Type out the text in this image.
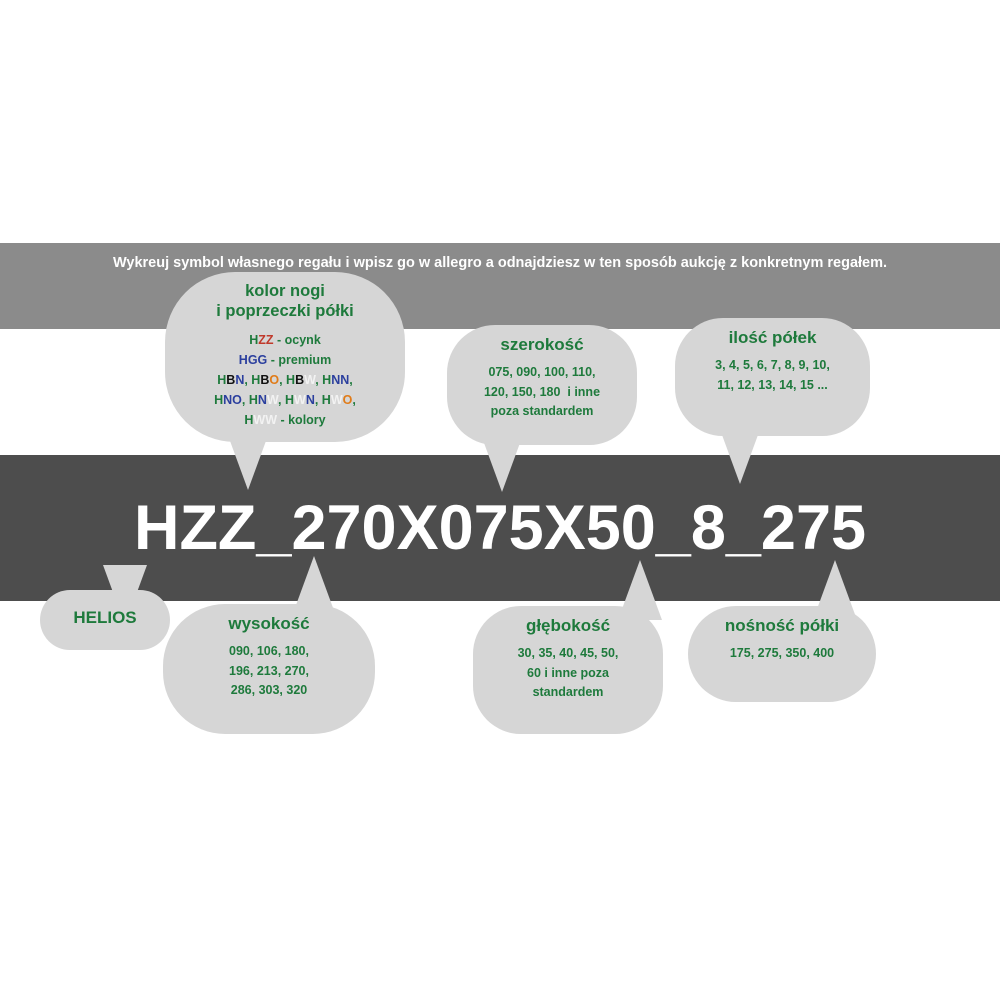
Wykreuj symbol własnego regału i wpisz go w allegro a odnajdziesz w ten sposób aukcję z konkretnym regałem.
HZZ_270X075X50_8_275
kolor nogi
i poprzeczki półki
HZZ - ocynk
HGG - premium
HBN, HBO, HBW, HNN,
HNO, HNW, HWN, HWO,
HWW - kolory
szerokość
075, 090, 100, 110,
120, 150, 180  i inne
poza standardem
ilość półek
3, 4, 5, 6, 7, 8, 9, 10,
11, 12, 13, 14, 15 ...
HELIOS	wysokość
090, 106, 180,
196, 213, 270,
286, 303, 320
głębokość
30, 35, 40, 45, 50,
60 i inne poza
standardem
nośność półki
175, 275, 350, 400
